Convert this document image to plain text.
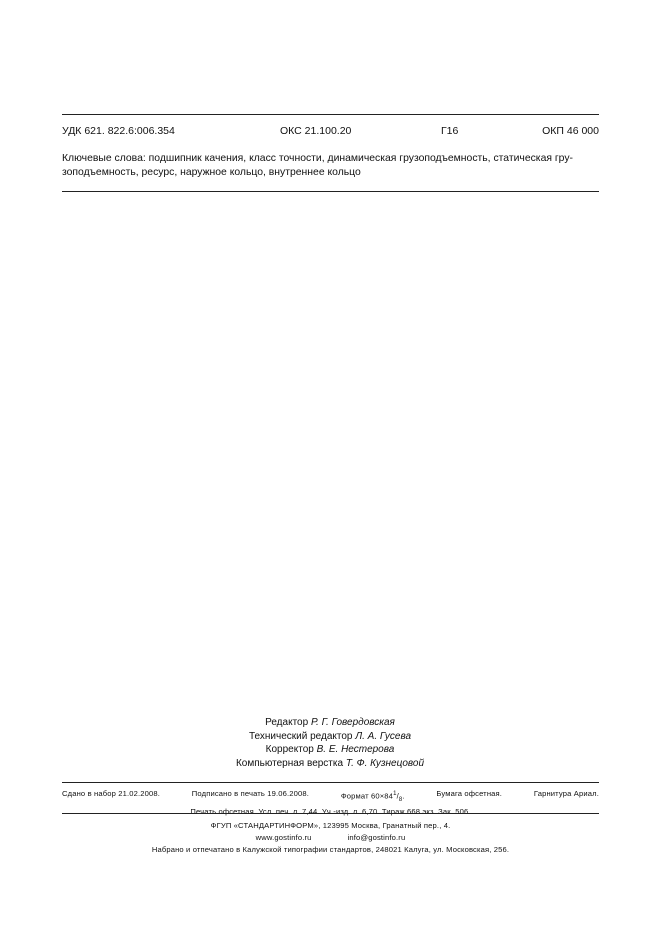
УДК 621. 822.6:006.354	ОКС 21.100.20	Г16	ОКП 46 000
Ключевые слова: подшипник качения, класс точности, динамическая грузоподъемность, статическая гру-
зоподъемность, ресурс, наружное кольцо, внутреннее кольцо
Редактор Р. Г. Говердовская
Технический редактор Л. А. Гусева
Корректор В. Е. Нестерова
Компьютерная верстка Т. Ф. Кузнецовой
Сдано в набор 21.02.2008.	Подписано в печать 19.06.2008.	Формат $60\times 84^1/_8$.	Бумага офсетная.	Гарнитура Ариал.
Печать офсетная. Усл. печ. л. 7,44. Уч.-изд. л. 6,70. Тираж 668 экз. Зак. 506.
ФГУП «СТАНДАРТИНФОРМ», 123995 Москва, Гранатный пер., 4.
www.gostinfo.ru	info@gostinfo.ru
Набрано и отпечатано в Калужской типографии стандартов, 248021 Калуга, ул. Московская, 256.
